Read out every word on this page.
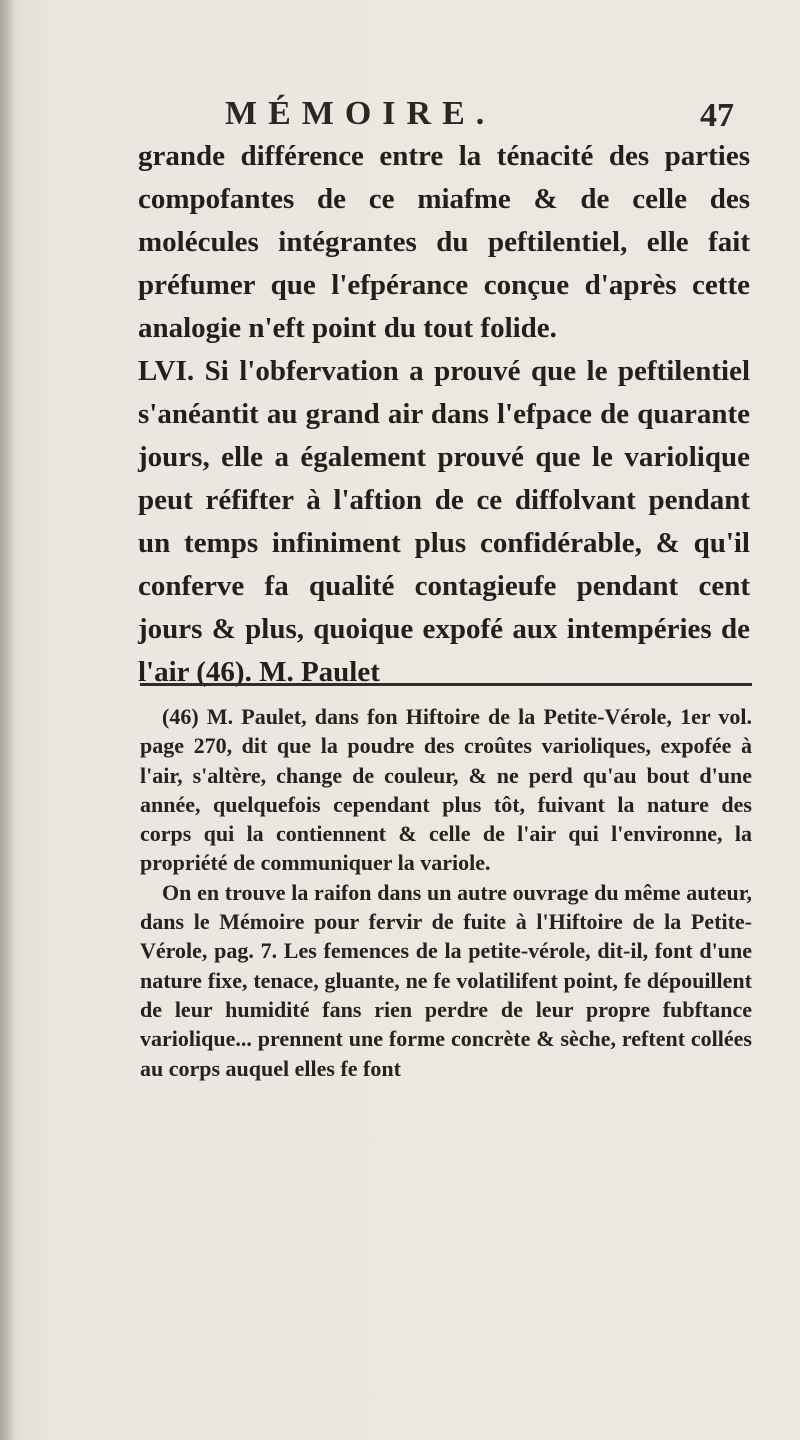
MÉMOIRE.	47

grande différence entre la ténacité des parties compofantes de ce miafme & de celle des molécules intégrantes du peftilentiel, elle fait préfumer que l'efpérance conçue d'après cette analogie n'eft point du tout folide.

LVI. Si l'obfervation a prouvé que le peftilentiel s'anéantit au grand air dans l'efpace de quarante jours, elle a également prouvé que le variolique peut réfifter à l'aftion de ce diffolvant pendant un temps infiniment plus confidérable, & qu'il conferve fa qualité contagieufe pendant cent jours & plus, quoique expofé aux intempéries de l'air (46). M. Paulet

(46) M. Paulet, dans fon Hiftoire de la Petite-Vérole, 1er vol. page 270, dit que la poudre des croûtes varioliques, expofée à l'air, s'altère, change de couleur, & ne perd qu'au bout d'une année, quelquefois cependant plus tôt, fuivant la nature des corps qui la contiennent & celle de l'air qui l'environne, la propriété de communiquer la variole.

On en trouve la raifon dans un autre ouvrage du même auteur, dans le Mémoire pour fervir de fuite à l'Hiftoire de la Petite-Vérole, pag. 7. Les femences de la petite-vérole, dit-il, font d'une nature fixe, tenace, gluante, ne fe volatilifent point, fe dépouillent de leur humidité fans rien perdre de leur propre fubftance variolique... prennent une forme concrète & sèche, reftent collées au corps auquel elles fe font
